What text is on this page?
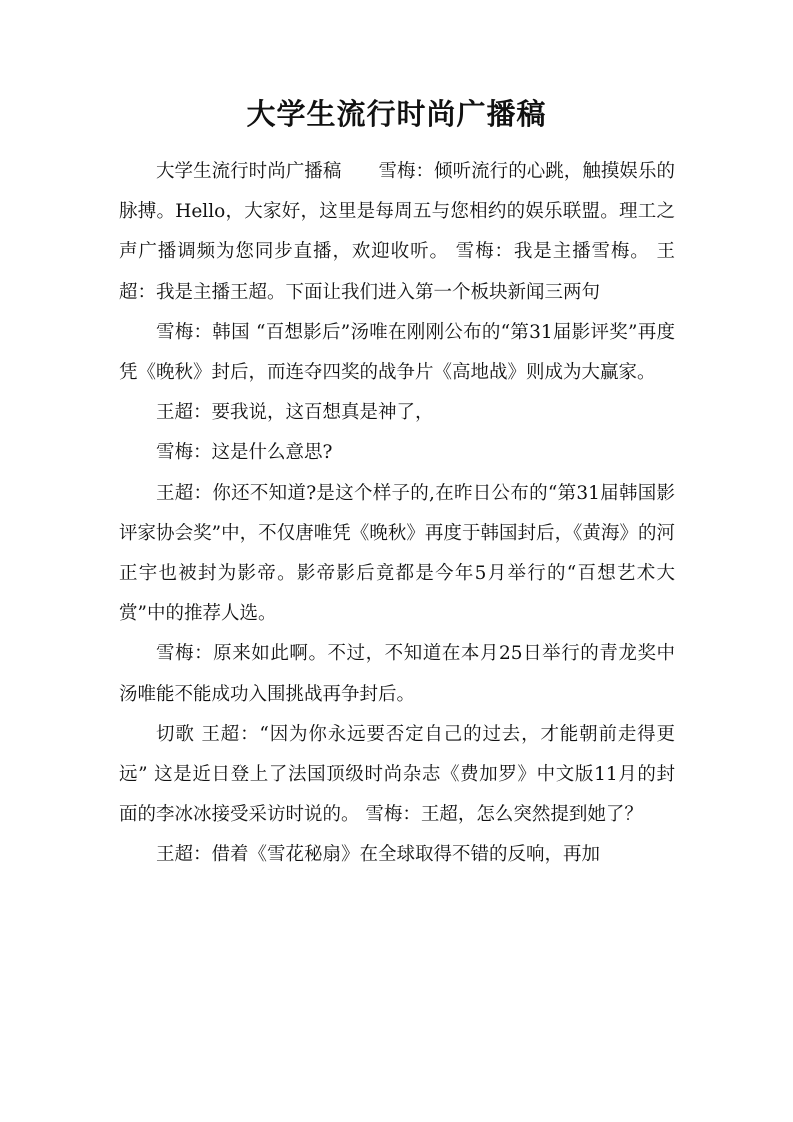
大学生流行时尚广播稿

大学生流行时尚广播稿　　雪梅：倾听流行的心跳，触摸娱乐的脉搏。Hello，大家好，这里是每周五与您相约的娱乐联盟。理工之声广播调频为您同步直播，欢迎收听。 雪梅：我是主播雪梅。 王超：我是主播王超。下面让我们进入第一个板块新闻三两句

雪梅：韩国 “百想影后”汤唯在刚刚公布的“第31届影评奖”再度凭《晚秋》封后，而连夺四奖的战争片《高地战》则成为大赢家。

王超：要我说，这百想真是神了，

雪梅：这是什么意思?

王超：你还不知道?是这个样子的,在昨日公布的“第31届韩国影评家协会奖”中，不仅唐唯凭《晚秋》再度于韩国封后，《黄海》的河正宇也被封为影帝。影帝影后竟都是今年5月举行的“百想艺术大赏”中的推荐人选。

雪梅：原来如此啊。不过，不知道在本月25日举行的青龙奖中汤唯能不能成功入围挑战再争封后。

切歌 王超：“因为你永远要否定自己的过去，才能朝前走得更远” 这是近日登上了法国顶级时尚杂志《费加罗》中文版11月的封面的李冰冰接受采访时说的。 雪梅：王超，怎么突然提到她了？

王超：借着《雪花秘扇》在全球取得不错的反响，再加
